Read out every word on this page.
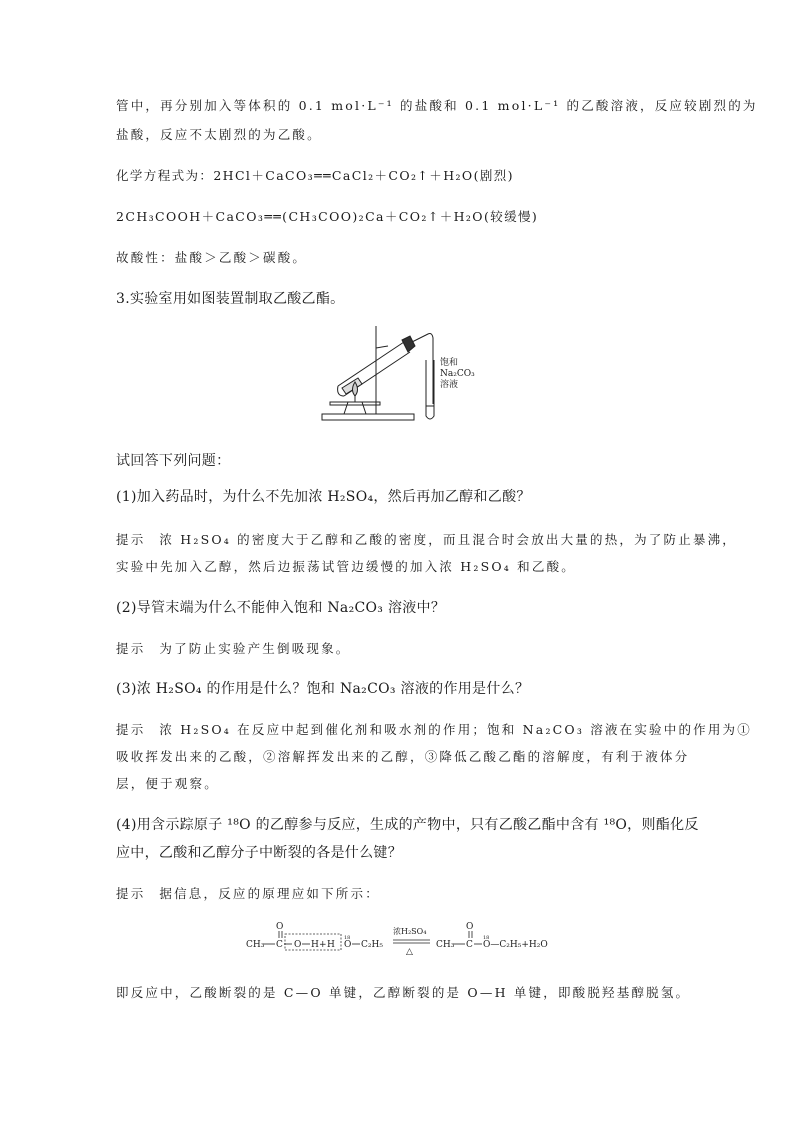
管中，再分别加入等体积的 0.1 mol·L⁻¹ 的盐酸和 0.1 mol·L⁻¹ 的乙酸溶液，反应较剧烈的为
盐酸，反应不太剧烈的为乙酸。
化学方程式为：2HCl＋CaCO₃══CaCl₂＋CO₂↑＋H₂O(剧烈)
2CH₃COOH＋CaCO₃══(CH₃COO)₂Ca＋CO₂↑＋H₂O(较缓慢)
故酸性：盐酸＞乙酸＞碳酸。
3.实验室用如图装置制取乙酸乙酯。
饱和
Na₂CO₃
溶液
试回答下列问题：
(1)加入药品时，为什么不先加浓 H₂SO₄，然后再加乙醇和乙酸？
提示 浓 H₂SO₄ 的密度大于乙醇和乙酸的密度，而且混合时会放出大量的热，为了防止暴沸，
实验中先加入乙醇，然后边振荡试管边缓慢的加入浓 H₂SO₄ 和乙酸。
(2)导管末端为什么不能伸入饱和 Na₂CO₃ 溶液中？
提示 为了防止实验产生倒吸现象。
(3)浓 H₂SO₄ 的作用是什么？饱和 Na₂CO₃ 溶液的作用是什么？
提示 浓 H₂SO₄ 在反应中起到催化剂和吸水剂的作用；饱和 Na₂CO₃ 溶液在实验中的作用为①
吸收挥发出来的乙酸，②溶解挥发出来的乙醇，③降低乙酸乙酯的溶解度，有利于液体分
层，便于观察。
(4)用含示踪原子 ¹⁸O 的乙醇参与反应，生成的产物中，只有乙酸乙酯中含有 ¹⁸O，则酯化反
应中，乙酸和乙醇分子中断裂的各是什么键？
提示 据信息，反应的原理应如下所示：
CH₃ C
O
O H + H
18
O C₂H₅
浓H₂SO₄
△
CH₃ C
O
18
O—C₂H₅+H₂O
即反应中，乙酸断裂的是 C—O 单键，乙醇断裂的是 O—H 单键，即酸脱羟基醇脱氢。
